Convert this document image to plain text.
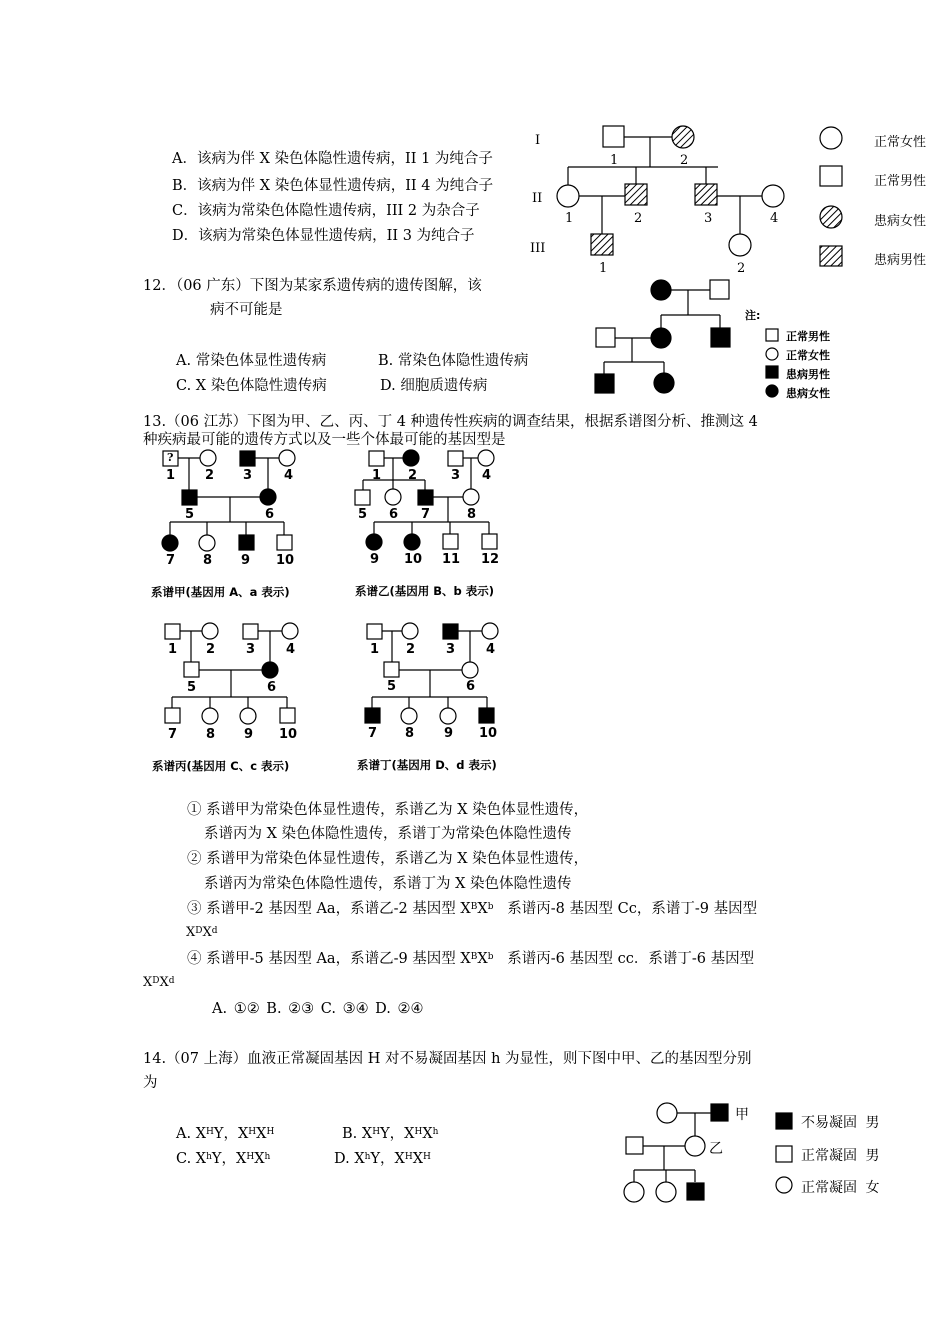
A．该病为伴 X 染色体隐性遗传病，II 1 为纯合子
B．该病为伴 X 染色体显性遗传病，II 4 为纯合子
C．该病为常染色体隐性遗传病，III 2 为杂合子
D．该病为常染色体显性遗传病，II 3 为纯合子
I
II
III
1	2
1	2	3	4
1	2
正常女性
正常男性
患病女性
患病男性
12．（06 广东）下图为某家系遗传病的遗传图解，该
病不可能是
A. 常染色体显性遗传病	B. 常染色体隐性遗传病
C. X 染色体隐性遗传病	D. 细胞质遗传病
注:
正常男性
正常女性
患病男性
患病女性
13.（06 江苏）下图为甲、乙、丙、丁 4 种遗传性疾病的调查结果，根据系谱图分析、推测这 4
种疾病最可能的遗传方式以及一些个体最可能的基因型是
?
1 2 3 4
5	6
7 8 9 10
1 2	3 4
5 6 7	8
9 10 11 12
1 2 3 4
5	6
7 8 9 10
1 2 3 4
5	6
7 8 9 10
系谱甲(基因用 A、a 表示)	系谱乙(基因用 B、b 表示)
系谱丙(基因用 C、c 表示)	系谱丁(基因用 D、d 表示)
① 系谱甲为常染色体显性遗传，系谱乙为 X 染色体显性遗传，
系谱丙为 X 染色体隐性遗传，系谱丁为常染色体隐性遗传
② 系谱甲为常染色体显性遗传，系谱乙为 X 染色体显性遗传，
系谱丙为常染色体隐性遗传，系谱丁为 X 染色体隐性遗传
③ 系谱甲-2 基因型 Aa，系谱乙-2 基因型 $X^BX^b$ 系谱丙-8 基因型 Cc，系谱丁-9 基因型
$X^DX^d$
④ 系谱甲-5 基因型 Aa，系谱乙-9 基因型 $X^BX^b$ 系谱丙-6 基因型 cc．系谱丁-6 基因型
$X^DX^d$
A. ①② B. ②③ C. ③④ D. ②④
14.（07 上海）血液正常凝固基因 H 对不易凝固基因 h 为显性，则下图中甲、乙的基因型分别
为
A. $X^HY$，$X^HX^H$	B. $X^HY$，$X^HX^h$
C. $X^hY$，$X^HX^h$	D. $X^hY$，$X^HX^H$
甲
乙
不易凝固 男
正常凝固 男
正常凝固 女
